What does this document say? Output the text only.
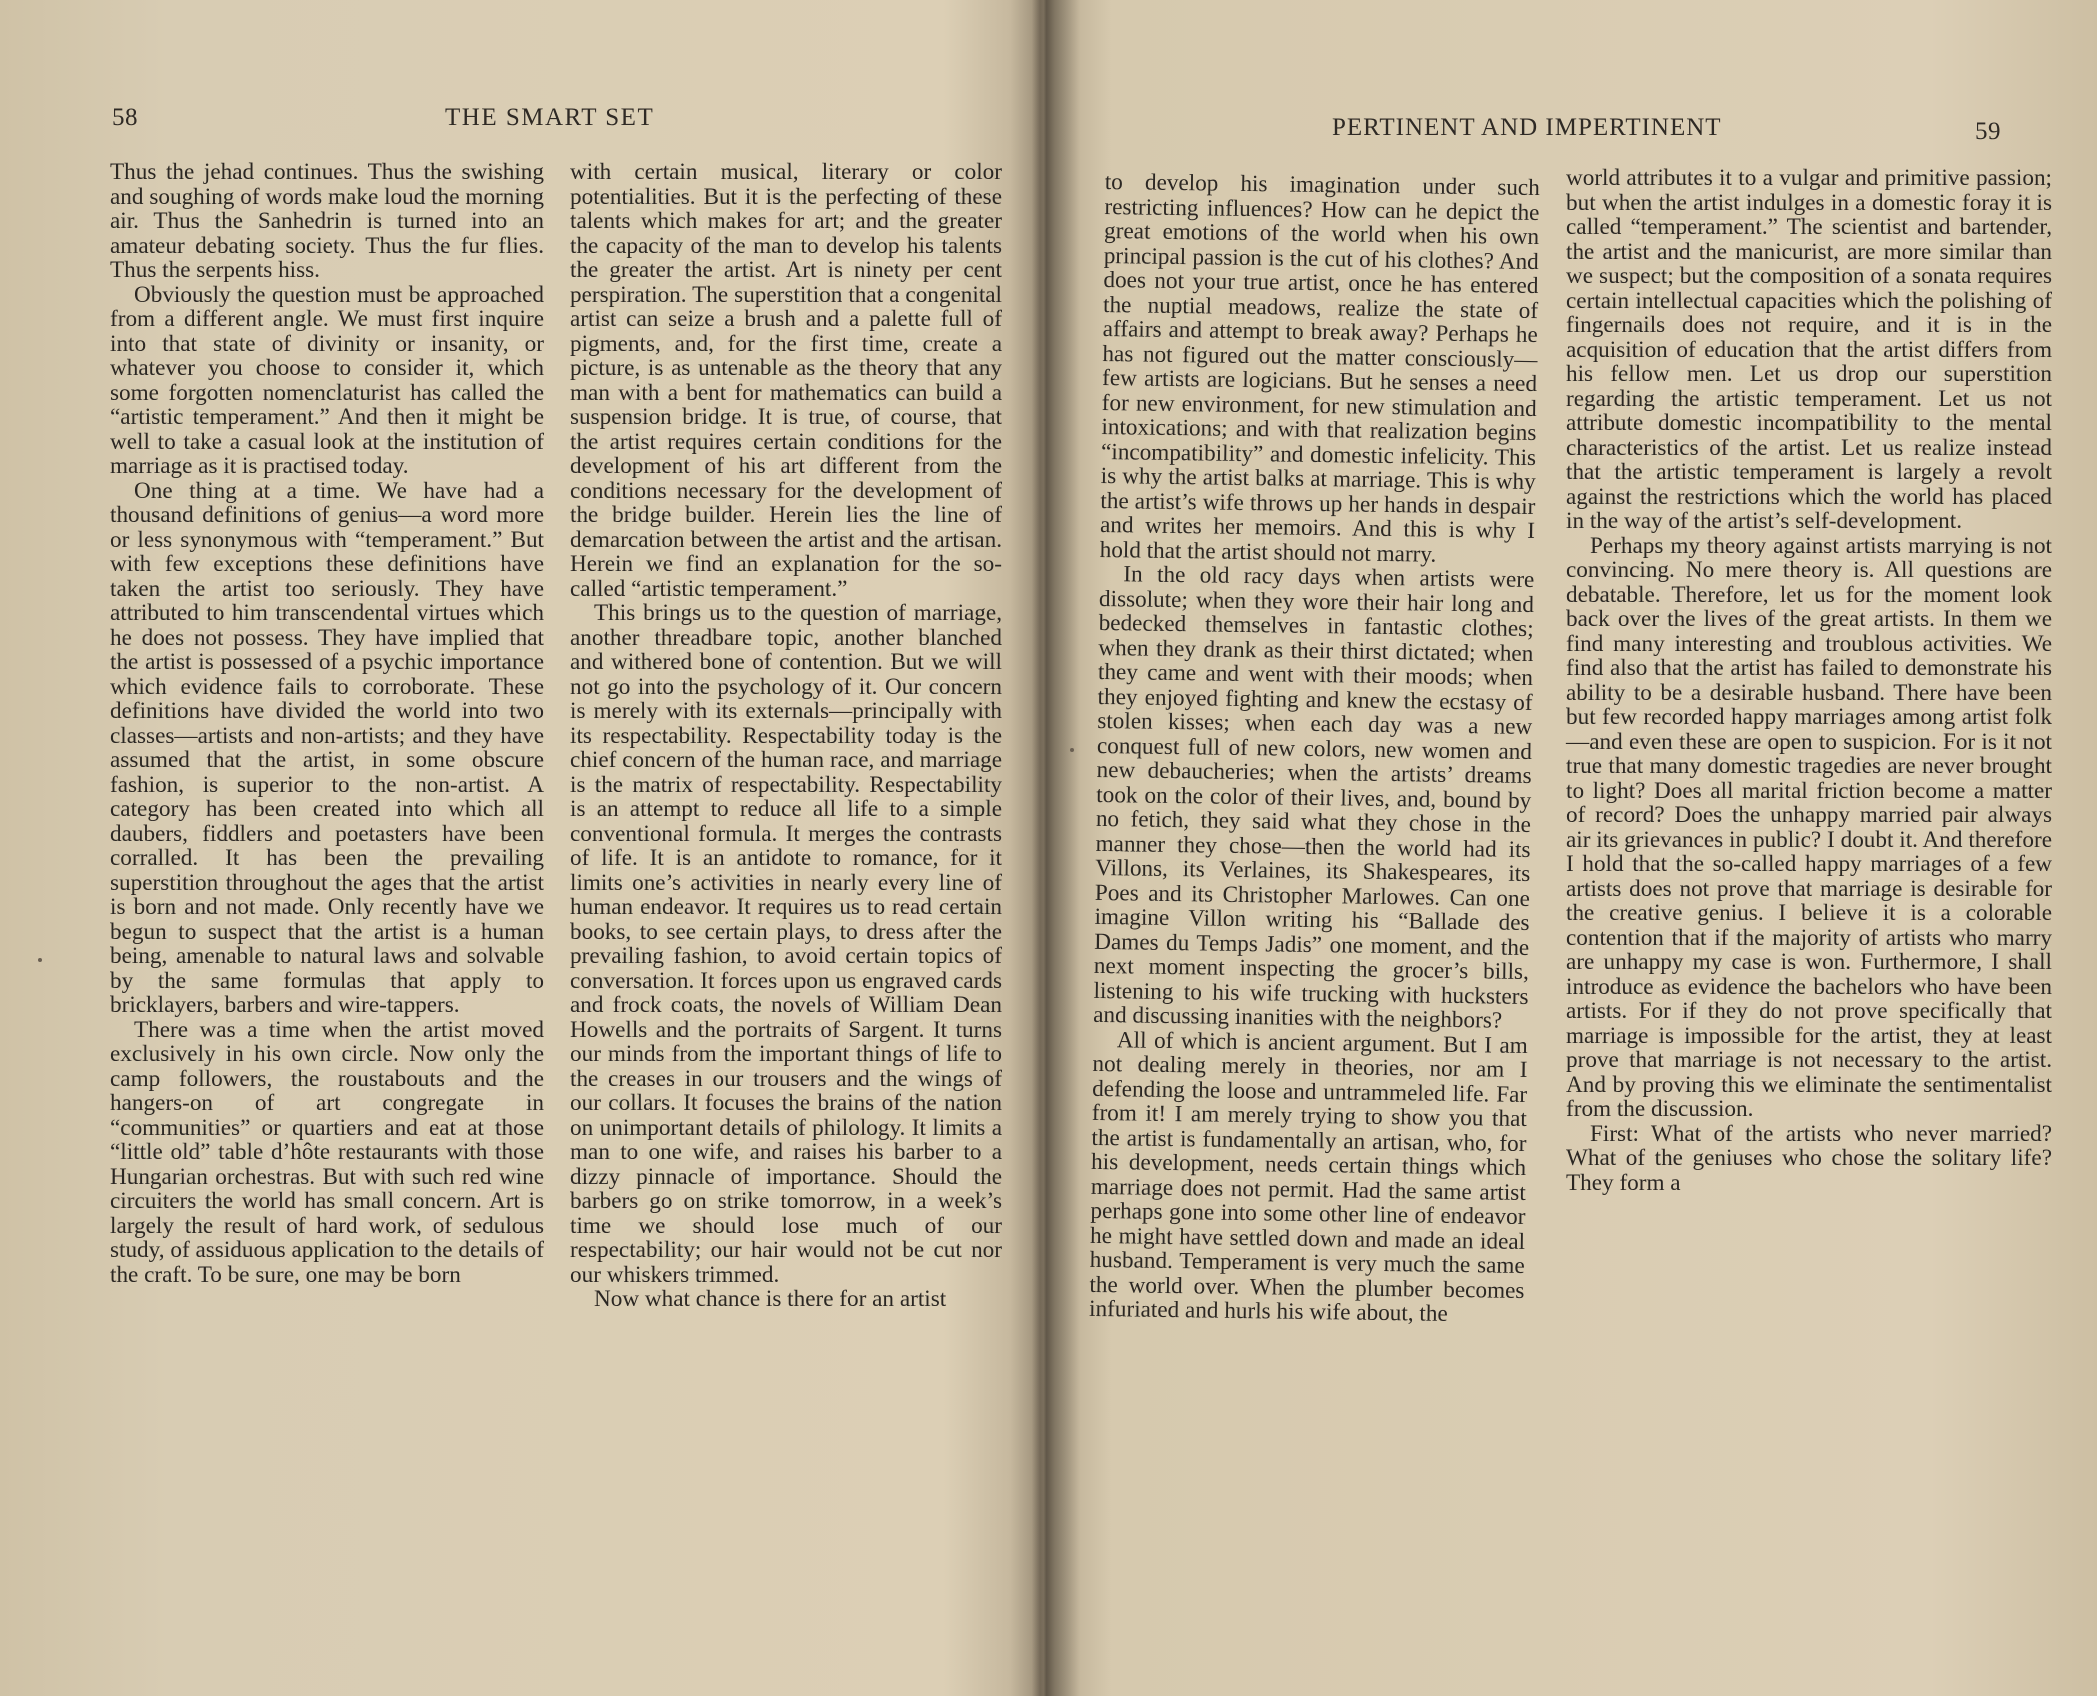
58	THE SMART SET

Thus the jehad continues. Thus the swishing and soughing of words make loud the morning air. Thus the Sanhedrin is turned into an amateur debating society. Thus the fur flies. Thus the serpents hiss.

Obviously the question must be approached from a different angle. We must first inquire into that state of divinity or insanity, or whatever you choose to consider it, which some forgotten nomenclaturist has called the “artistic temperament.” And then it might be well to take a casual look at the institution of marriage as it is practised today.

One thing at a time. We have had a thousand definitions of genius—a word more or less synonymous with “temperament.” But with few exceptions these definitions have taken the artist too seriously. They have attributed to him transcendental virtues which he does not possess. They have implied that the artist is possessed of a psychic importance which evidence fails to corroborate. These definitions have divided the world into two classes—artists and non-artists; and they have assumed that the artist, in some obscure fashion, is superior to the non-artist. A category has been created into which all daubers, fiddlers and poetasters have been corralled. It has been the prevailing superstition throughout the ages that the artist is born and not made. Only recently have we begun to suspect that the artist is a human being, amenable to natural laws and solvable by the same formulas that apply to bricklayers, barbers and wire-tappers.

There was a time when the artist moved exclusively in his own circle. Now only the camp followers, the roustabouts and the hangers-on of art congregate in “communities” or quartiers and eat at those “little old” table d’hôte restaurants with those Hungarian orchestras. But with such red wine circuiters the world has small concern. Art is largely the result of hard work, of sedulous study, of assiduous application to the details of the craft. To be sure, one may be born

with certain musical, literary or color potentialities. But it is the perfecting of these talents which makes for art; and the greater the capacity of the man to develop his talents the greater the artist. Art is ninety per cent perspiration. The superstition that a congenital artist can seize a brush and a palette full of pigments, and, for the first time, create a picture, is as untenable as the theory that any man with a bent for mathematics can build a suspension bridge. It is true, of course, that the artist requires certain conditions for the development of his art different from the conditions necessary for the development of the bridge builder. Herein lies the line of demarcation between the artist and the artisan. Herein we find an explanation for the so-called “artistic temperament.”

This brings us to the question of marriage, another threadbare topic, another blanched and withered bone of contention. But we will not go into the psychology of it. Our concern is merely with its externals—principally with its respectability. Respectability today is the chief concern of the human race, and marriage is the matrix of respectability. Respectability is an attempt to reduce all life to a simple conventional formula. It merges the contrasts of life. It is an antidote to romance, for it limits one’s activities in nearly every line of human endeavor. It requires us to read certain books, to see certain plays, to dress after the prevailing fashion, to avoid certain topics of conversation. It forces upon us engraved cards and frock coats, the novels of William Dean Howells and the portraits of Sargent. It turns our minds from the important things of life to the creases in our trousers and the wings of our collars. It focuses the brains of the nation on unimportant details of philology. It limits a man to one wife, and raises his barber to a dizzy pinnacle of importance. Should the barbers go on strike tomorrow, in a week’s time we should lose much of our respectability; our hair would not be cut nor our whiskers trimmed.

Now what chance is there for an artist

PERTINENT AND IMPERTINENT	59

to develop his imagination under such restricting influences? How can he depict the great emotions of the world when his own principal passion is the cut of his clothes? And does not your true artist, once he has entered the nuptial meadows, realize the state of affairs and attempt to break away? Perhaps he has not figured out the matter consciously—few artists are logicians. But he senses a need for new environment, for new stimulation and intoxications; and with that realization begins “incompatibility” and domestic infelicity. This is why the artist balks at marriage. This is why the artist’s wife throws up her hands in despair and writes her memoirs. And this is why I hold that the artist should not marry.

In the old racy days when artists were dissolute; when they wore their hair long and bedecked themselves in fantastic clothes; when they drank as their thirst dictated; when they came and went with their moods; when they enjoyed fighting and knew the ecstasy of stolen kisses; when each day was a new conquest full of new colors, new women and new debaucheries; when the artists’ dreams took on the color of their lives, and, bound by no fetich, they said what they chose in the manner they chose—then the world had its Villons, its Verlaines, its Shakespeares, its Poes and its Christopher Marlowes. Can one imagine Villon writing his “Ballade des Dames du Temps Jadis” one moment, and the next moment inspecting the grocer’s bills, listening to his wife trucking with hucksters and discussing inanities with the neighbors?

All of which is ancient argument. But I am not dealing merely in theories, nor am I defending the loose and untrammeled life. Far from it! I am merely trying to show you that the artist is fundamentally an artisan, who, for his development, needs certain things which marriage does not permit. Had the same artist perhaps gone into some other line of endeavor he might have settled down and made an ideal husband. Temperament is very much the same the world over. When the plumber becomes infuriated and hurls his wife about, the

world attributes it to a vulgar and primitive passion; but when the artist indulges in a domestic foray it is called “temperament.” The scientist and bartender, the artist and the manicurist, are more similar than we suspect; but the composition of a sonata requires certain intellectual capacities which the polishing of fingernails does not require, and it is in the acquisition of education that the artist differs from his fellow men. Let us drop our superstition regarding the artistic temperament. Let us not attribute domestic incompatibility to the mental characteristics of the artist. Let us realize instead that the artistic temperament is largely a revolt against the restrictions which the world has placed in the way of the artist’s self-development.

Perhaps my theory against artists marrying is not convincing. No mere theory is. All questions are debatable. Therefore, let us for the moment look back over the lives of the great artists. In them we find many interesting and troublous activities. We find also that the artist has failed to demonstrate his ability to be a desirable husband. There have been but few recorded happy marriages among artist folk—and even these are open to suspicion. For is it not true that many domestic tragedies are never brought to light? Does all marital friction become a matter of record? Does the unhappy married pair always air its grievances in public? I doubt it. And therefore I hold that the so-called happy marriages of a few artists does not prove that marriage is desirable for the creative genius. I believe it is a colorable contention that if the majority of artists who marry are unhappy my case is won. Furthermore, I shall introduce as evidence the bachelors who have been artists. For if they do not prove specifically that marriage is impossible for the artist, they at least prove that marriage is not necessary to the artist. And by proving this we eliminate the sentimentalist from the discussion.

First: What of the artists who never married? What of the geniuses who chose the solitary life? They form a
